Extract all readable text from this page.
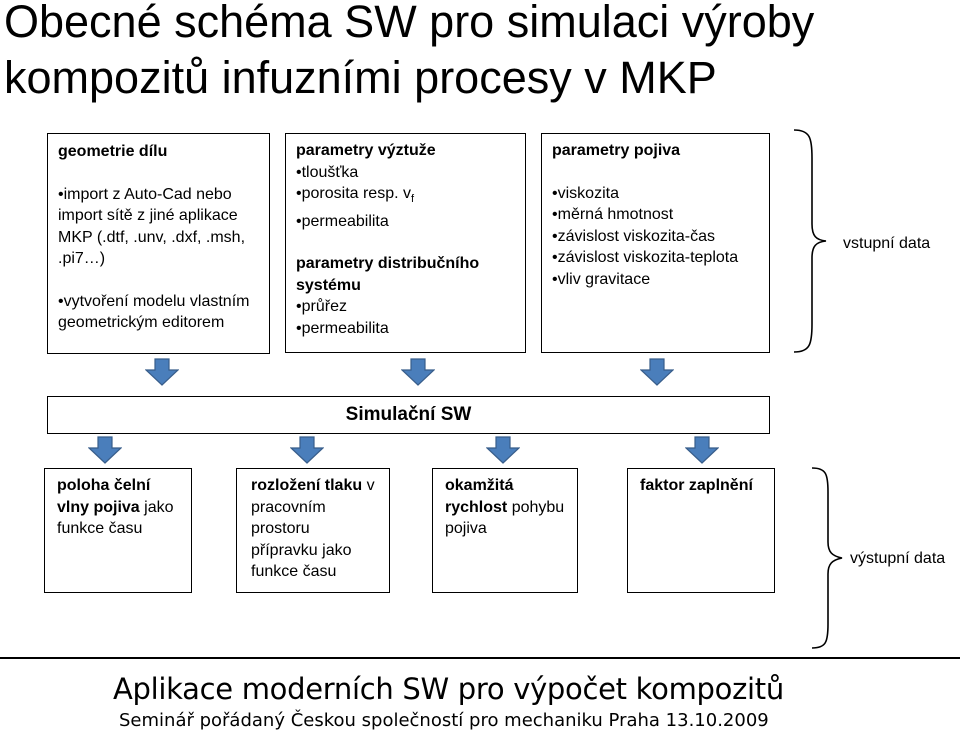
Obecné schéma SW pro simulaci výroby kompozitů infuzními procesy v MKP
geometrie dílu
• import z Auto-Cad nebo import sítě z jiné aplikace MKP (.dtf, .unv, .dxf, .msh, .pi7…)
• vytvoření modelu vlastním geometrickým editorem
parametry výztuže
• tloušťka
• porosita resp. $v_f$
• permeabilita
parametry distribučního systému
• průřez
• permeabilita
parametry pojiva
• viskozita
• měrná hmotnost
• závislost viskozita-čas
• závislost viskozita-teplota
• vliv gravitace
vstupní data
Simulační SW
poloha čelní vlny pojiva jako funkce času
rozložení tlaku v pracovním prostoru přípravku jako funkce času
okamžitá rychlost pohybu pojiva
faktor zaplnění
výstupní data
Aplikace moderních SW pro výpočet kompozitů
Seminář pořádaný Českou společností pro mechaniku Praha 13.10.2009
